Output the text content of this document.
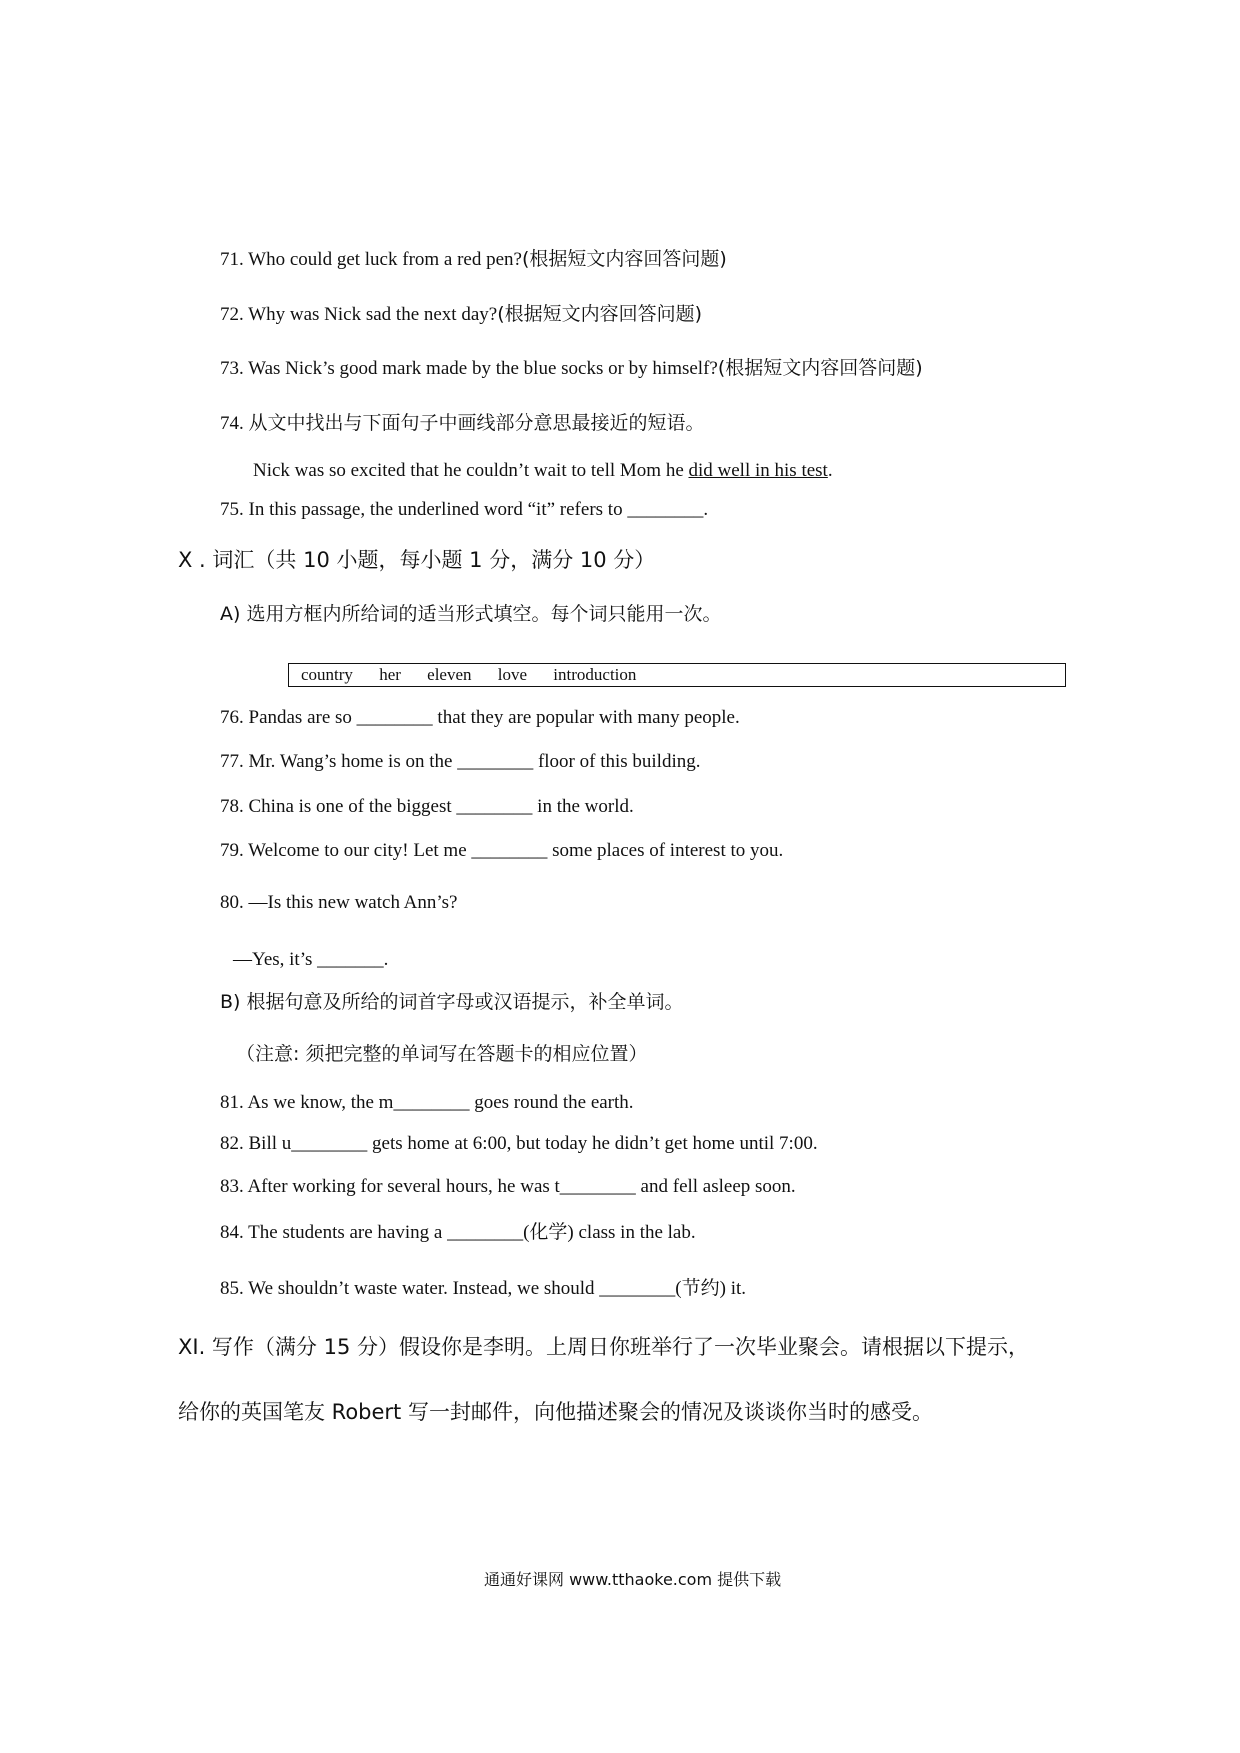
71. Who could get luck from a red pen?(根据短文内容回答问题)
72. Why was Nick sad the next day?(根据短文内容回答问题)
73. Was Nick’s good mark made by the blue socks or by himself?(根据短文内容回答问题)
74. 从文中找出与下面句子中画线部分意思最接近的短语。
Nick was so excited that he couldn’t wait to tell Mom he did well in his test.
75. In this passage, the underlined word “it” refers to ________.
X . 词汇（共 10 小题，每小题 1 分，满分 10 分）
A) 选用方框内所给词的适当形式填空。每个词只能用一次。
country her eleven love introduction
76. Pandas are so ________ that they are popular with many people.
77. Mr. Wang’s home is on the ________ floor of this building.
78. China is one of the biggest ________ in the world.
79. Welcome to our city! Let me ________ some places of interest to you.
80. —Is this new watch Ann’s?
—Yes, it’s _______.
B) 根据句意及所给的词首字母或汉语提示，补全单词。
（注意: 须把完整的单词写在答题卡的相应位置）
81. As we know, the m________ goes round the earth.
82. Bill u________ gets home at 6:00, but today he didn’t get home until 7:00.
83. After working for several hours, he was t________ and fell asleep soon.
84. The students are having a ________(化学) class in the lab.
85. We shouldn’t waste water. Instead, we should ________(节约) it.
XI. 写作（满分 15 分）假设你是李明。上周日你班举行了一次毕业聚会。请根据以下提示，
给你的英国笔友 Robert 写一封邮件，向他描述聚会的情况及谈谈你当时的感受。
通通好课网 www.tthaoke.com 提供下载
